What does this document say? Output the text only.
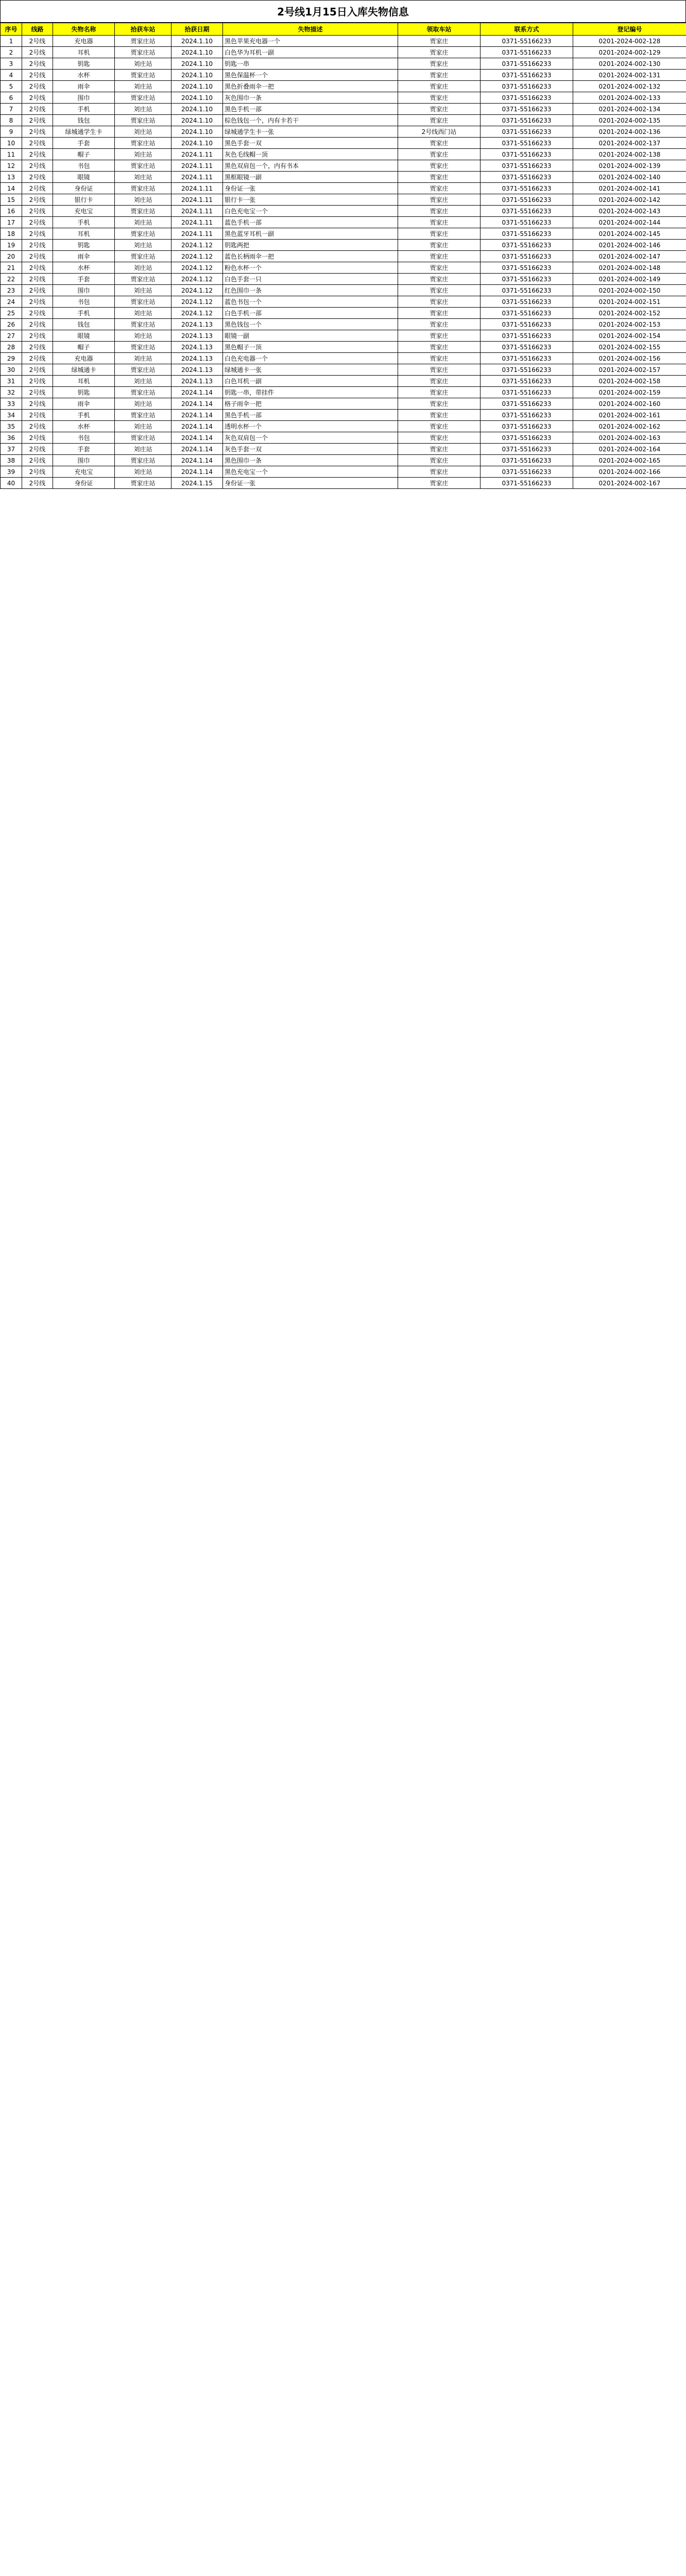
2号线1月15日入库失物信息
序号	线路	失物名称	拾获车站	拾获日期	失物描述	领取车站	联系方式	登记编号
1	2号线	充电器	贾家庄站	2024.1.10	黑色苹果充电器一个	贾家庄	0371-55166233	0201-2024-002-128
2	2号线	耳机	贾家庄站	2024.1.10	白色华为耳机一副	贾家庄	0371-55166233	0201-2024-002-129
3	2号线	钥匙	刘庄站	2024.1.10	钥匙一串	贾家庄	0371-55166233	0201-2024-002-130
4	2号线	水杯	贾家庄站	2024.1.10	黑色保温杯一个	贾家庄	0371-55166233	0201-2024-002-131
5	2号线	雨伞	刘庄站	2024.1.10	黑色折叠雨伞一把	贾家庄	0371-55166233	0201-2024-002-132
6	2号线	围巾	贾家庄站	2024.1.10	灰色围巾一条	贾家庄	0371-55166233	0201-2024-002-133
7	2号线	手机	刘庄站	2024.1.10	黑色手机一部	贾家庄	0371-55166233	0201-2024-002-134
8	2号线	钱包	贾家庄站	2024.1.10	棕色钱包一个，内有卡若干	贾家庄	0371-55166233	0201-2024-002-135
9	2号线	绿城通学生卡	刘庄站	2024.1.10	绿城通学生卡一张	2号线西门站	0371-55166233	0201-2024-002-136
10	2号线	手套	贾家庄站	2024.1.10	黑色手套一双	贾家庄	0371-55166233	0201-2024-002-137
11	2号线	帽子	刘庄站	2024.1.11	灰色毛线帽一顶	贾家庄	0371-55166233	0201-2024-002-138
12	2号线	书包	贾家庄站	2024.1.11	黑色双肩包一个，内有书本	贾家庄	0371-55166233	0201-2024-002-139
13	2号线	眼镜	刘庄站	2024.1.11	黑框眼镜一副	贾家庄	0371-55166233	0201-2024-002-140
14	2号线	身份证	贾家庄站	2024.1.11	身份证一张	贾家庄	0371-55166233	0201-2024-002-141
15	2号线	银行卡	刘庄站	2024.1.11	银行卡一张	贾家庄	0371-55166233	0201-2024-002-142
16	2号线	充电宝	贾家庄站	2024.1.11	白色充电宝一个	贾家庄	0371-55166233	0201-2024-002-143
17	2号线	手机	刘庄站	2024.1.11	蓝色手机一部	贾家庄	0371-55166233	0201-2024-002-144
18	2号线	耳机	贾家庄站	2024.1.11	黑色蓝牙耳机一副	贾家庄	0371-55166233	0201-2024-002-145
19	2号线	钥匙	刘庄站	2024.1.12	钥匙两把	贾家庄	0371-55166233	0201-2024-002-146
20	2号线	雨伞	贾家庄站	2024.1.12	蓝色长柄雨伞一把	贾家庄	0371-55166233	0201-2024-002-147
21	2号线	水杯	刘庄站	2024.1.12	粉色水杯一个	贾家庄	0371-55166233	0201-2024-002-148
22	2号线	手套	贾家庄站	2024.1.12	白色手套一只	贾家庄	0371-55166233	0201-2024-002-149
23	2号线	围巾	刘庄站	2024.1.12	红色围巾一条	贾家庄	0371-55166233	0201-2024-002-150
24	2号线	书包	贾家庄站	2024.1.12	蓝色书包一个	贾家庄	0371-55166233	0201-2024-002-151
25	2号线	手机	刘庄站	2024.1.12	白色手机一部	贾家庄	0371-55166233	0201-2024-002-152
26	2号线	钱包	贾家庄站	2024.1.13	黑色钱包一个	贾家庄	0371-55166233	0201-2024-002-153
27	2号线	眼镜	刘庄站	2024.1.13	眼镜一副	贾家庄	0371-55166233	0201-2024-002-154
28	2号线	帽子	贾家庄站	2024.1.13	黑色帽子一顶	贾家庄	0371-55166233	0201-2024-002-155
29	2号线	充电器	刘庄站	2024.1.13	白色充电器一个	贾家庄	0371-55166233	0201-2024-002-156
30	2号线	绿城通卡	贾家庄站	2024.1.13	绿城通卡一张	贾家庄	0371-55166233	0201-2024-002-157
31	2号线	耳机	刘庄站	2024.1.13	白色耳机一副	贾家庄	0371-55166233	0201-2024-002-158
32	2号线	钥匙	贾家庄站	2024.1.14	钥匙一串，带挂件	贾家庄	0371-55166233	0201-2024-002-159
33	2号线	雨伞	刘庄站	2024.1.14	格子雨伞一把	贾家庄	0371-55166233	0201-2024-002-160
34	2号线	手机	贾家庄站	2024.1.14	黑色手机一部	贾家庄	0371-55166233	0201-2024-002-161
35	2号线	水杯	刘庄站	2024.1.14	透明水杯一个	贾家庄	0371-55166233	0201-2024-002-162
36	2号线	书包	贾家庄站	2024.1.14	灰色双肩包一个	贾家庄	0371-55166233	0201-2024-002-163
37	2号线	手套	刘庄站	2024.1.14	灰色手套一双	贾家庄	0371-55166233	0201-2024-002-164
38	2号线	围巾	贾家庄站	2024.1.14	黑色围巾一条	贾家庄	0371-55166233	0201-2024-002-165
39	2号线	充电宝	刘庄站	2024.1.14	黑色充电宝一个	贾家庄	0371-55166233	0201-2024-002-166
40	2号线	身份证	贾家庄站	2024.1.15	身份证一张	贾家庄	0371-55166233	0201-2024-002-167
